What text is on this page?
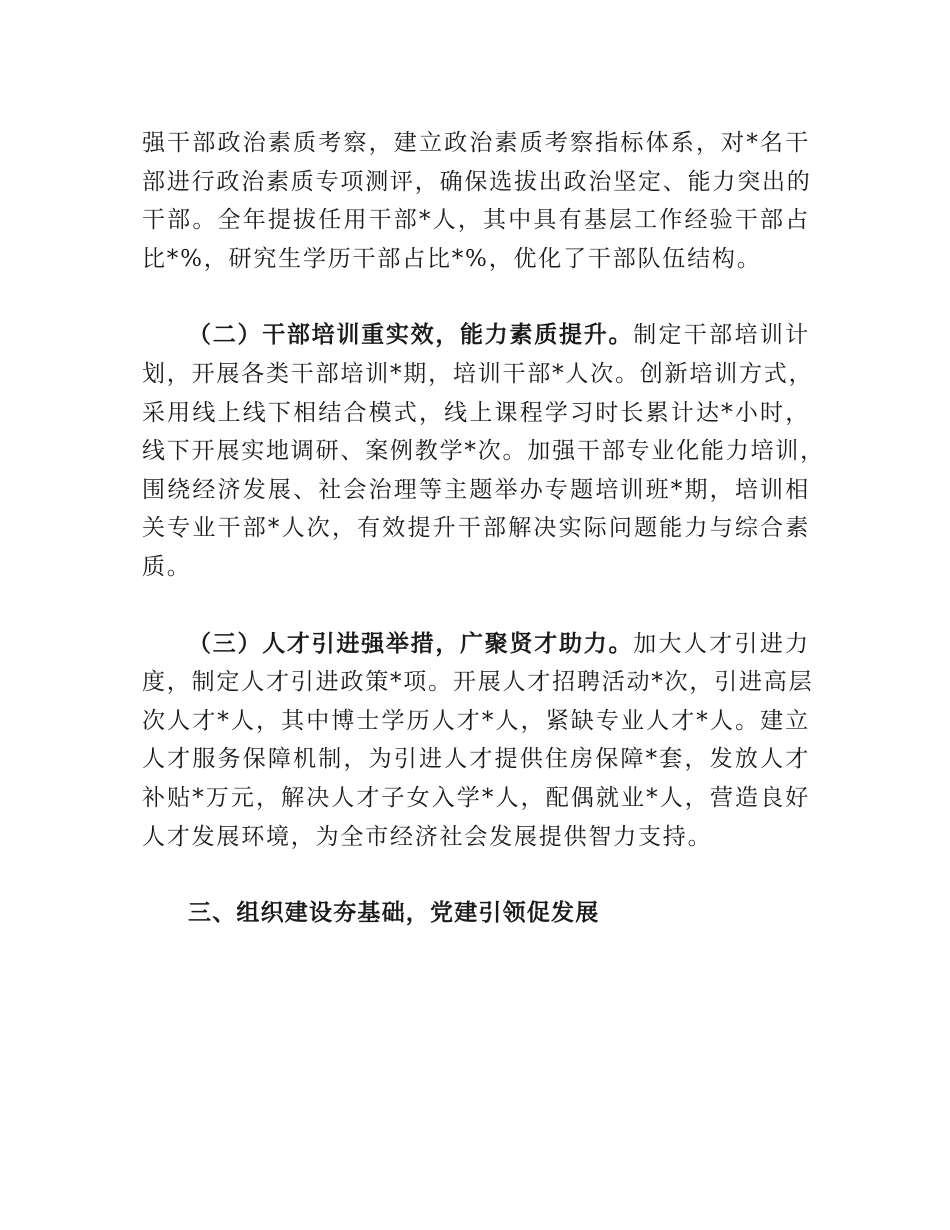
强干部政治素质考察，建立政治素质考察指标体系，对*名干
部进行政治素质专项测评，确保选拔出政治坚定、能力突出的
干部。全年提拔任用干部*人，其中具有基层工作经验干部占
比*%，研究生学历干部占比*%，优化了干部队伍结构。
（二）干部培训重实效，能力素质提升。制定干部培训计
划，开展各类干部培训*期，培训干部*人次。创新培训方式，
采用线上线下相结合模式，线上课程学习时长累计达*小时，
线下开展实地调研、案例教学*次。加强干部专业化能力培训，
围绕经济发展、社会治理等主题举办专题培训班*期，培训相
关专业干部*人次，有效提升干部解决实际问题能力与综合素
质。
（三）人才引进强举措，广聚贤才助力。加大人才引进力
度，制定人才引进政策*项。开展人才招聘活动*次，引进高层
次人才*人，其中博士学历人才*人，紧缺专业人才*人。建立
人才服务保障机制，为引进人才提供住房保障*套，发放人才
补贴*万元，解决人才子女入学*人，配偶就业*人，营造良好
人才发展环境，为全市经济社会发展提供智力支持。
三、组织建设夯基础，党建引领促发展
